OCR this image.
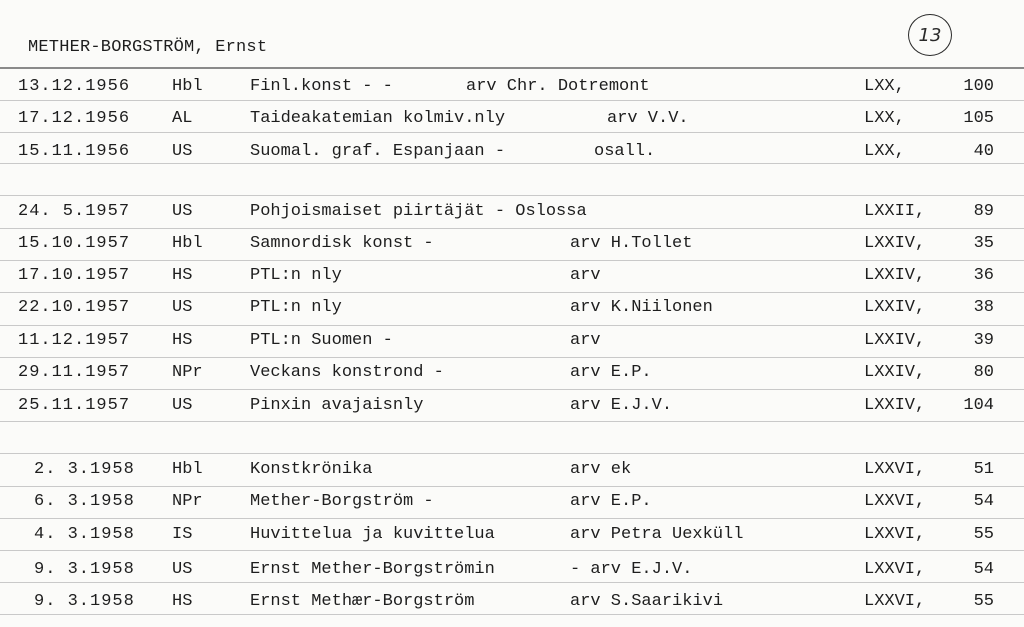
METHER-BORGSTRÖM, Ernst
13
13.12.1956 Hbl	Finl.konst - -	arv Chr. Dotremont	LXX,	100
17.12.1956 AL	Taideakatemian kolmiv.nly	arv V.V.	LXX,	105
15.11.1956 US	Suomal. graf. Espanjaan -	osall.	LXX,	40
24. 5.1957 US	Pohjoismaiset piirtäjät - Oslossa	LXXII,	89
15.10.1957 Hbl	Samnordisk konst -	arv H.Tollet	LXXIV,	35
17.10.1957 HS	PTL:n nly	arv	LXXIV,	36
22.10.1957 US	PTL:n nly	arv K.Niilonen	LXXIV,	38
11.12.1957 HS	PTL:n Suomen -	arv	LXXIV,	39
29.11.1957 NPr	Veckans konstrond -	arv E.P.	LXXIV,	80
25.11.1957 US	Pinxin avajaisnly	arv E.J.V.	LXXIV, 104
2. 3.1958 Hbl	Konstkrönika	arv ek	LXXVI,	51
6. 3.1958 NPr	Mether-Borgström -	arv E.P.	LXXVI,	54
4. 3.1958 IS	Huvittelua ja kuvittelua	arv Petra Uexküll	LXXVI,	55
9. 3.1958 US	Ernst Mether-Borgströmin	- arv E.J.V.	LXXVI,	54
9. 3.1958 HS	Ernst Methær-Borgström	arv S.Saarikivi	LXXVI,	55
